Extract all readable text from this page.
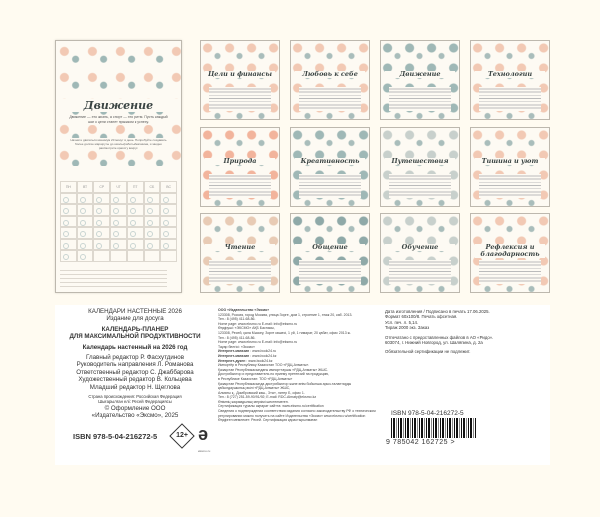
Движение
Движение — это жизнь, а спорт — это ритм. Пусть каждый шаг к цели станет прыжком к успеху.
Начните двигаться минимум 20 минут в день. Попробуйте создавать более долгие маршруты до школы/работы/магазина, и заодно рассмотрите красоту вокруг.
ПН	ВТ	СР	ЧТ	ПТ	СБ	ВС
Цели и финансы	Любовь к себе	Движение	Технологии
Природа	Креативность	Путешествия	Тишина и уют
Чтение	Общение	Обучение	Рефлексия и благодарность
КАЛЕНДАРИ НАСТЕННЫЕ 2026
Издание для досуга
КАЛЕНДАРЬ-ПЛАНЕР
ДЛЯ МАКСИМАЛЬНОЙ ПРОДУКТИВНОСТИ
Календарь настенный на 2026 год
Главный редактор Р. Фасхутдинов
Руководитель направления Л. Романова
Ответственный редактор С. Джаббарова
Художественный редактор В. Кольцева
Младший редактор Н. Щеглова
Страна происхождения: Российская Федерация
Шығарылған елі: Ресей Федерациясы
© Оформление ООО «Издательство «Эксмо», 2025
ISBN 978-5-04-216272-5	12+ ə
eksmo.ru
ООО «Издательство «Эксмо»
123308, Россия, город Москва, улица Зорге, дом 1, строение 1, этаж 20, каб. 2013.
Тел.: 8 (495) 411-68-86.
Home page: www.eksmo.ru E-mail: info@eksmo.ru
Өндіруші: «ЭКСМО» АҚБ Баспасы,
123308, Ресей, қала Мәскеу, Зорге көшесі, 1 үй, 1 ғимарат, 20 қабат, офис 2013 ж.
Тел.: 8 (495) 411-68-86.
Home page: www.eksmo.ru E-mail: info@eksmo.ru
Тауар белгісі: «Эксмо»
Интернет-магазин : www.book24.ru
Интернет-магазин : www.book24.kz
Интернет-дүкен : www.book24.kz
Импортёр в Республику Казахстан ТОО «РДЦ-Алматы».
Қазақстан Республикасындағы импорттаушы «РДЦ-Алматы» ЖШС.
Дистрибьютор и представитель по приему претензий на продукцию,
в Республике Казахстан: ТОО «РДЦ-Алматы»
Қазақстан Республикасында дистрибьютор және өнім бойынша арыз-талаптарды
қабылдаушының өкілі «РДЦ-Алматы» ЖШС,
Алматы қ., Домбровский көш., 3«а», литер Б, офис 1.
Тел.: 8 (727) 251-59-90/91/92; E-mail: RDC-Almaty@eksmo.kz
Өнімнің жарамдылық мерзімі шектелмеген.
Сертификация туралы ақпарат сайтта: www.eksmo.ru/certification
Сведения о подтверждении соответствия издания согласно законодательству РФ о техническом регулировании можно получить на сайте Издательства «Эксмо» www.eksmo.ru/certification
Өндірген мемлекет: Ресей. Сертификация қарастырылмаған
Дата изготовления / Подписано в печать 17.06.2025.
Формат 60x100/8. Печать офсетная.
Усл. печ. л. 5,14.
Тираж 2000 экз. Заказ
Отпечатано с предоставленных файлов в АО «Ридо».
603074, г. Нижний Новгород, ул. Шаляпина, д. 2а
Обязательной сертификации не подлежит.
ISBN 978-5-04-216272-5
9 785042 162725 >
